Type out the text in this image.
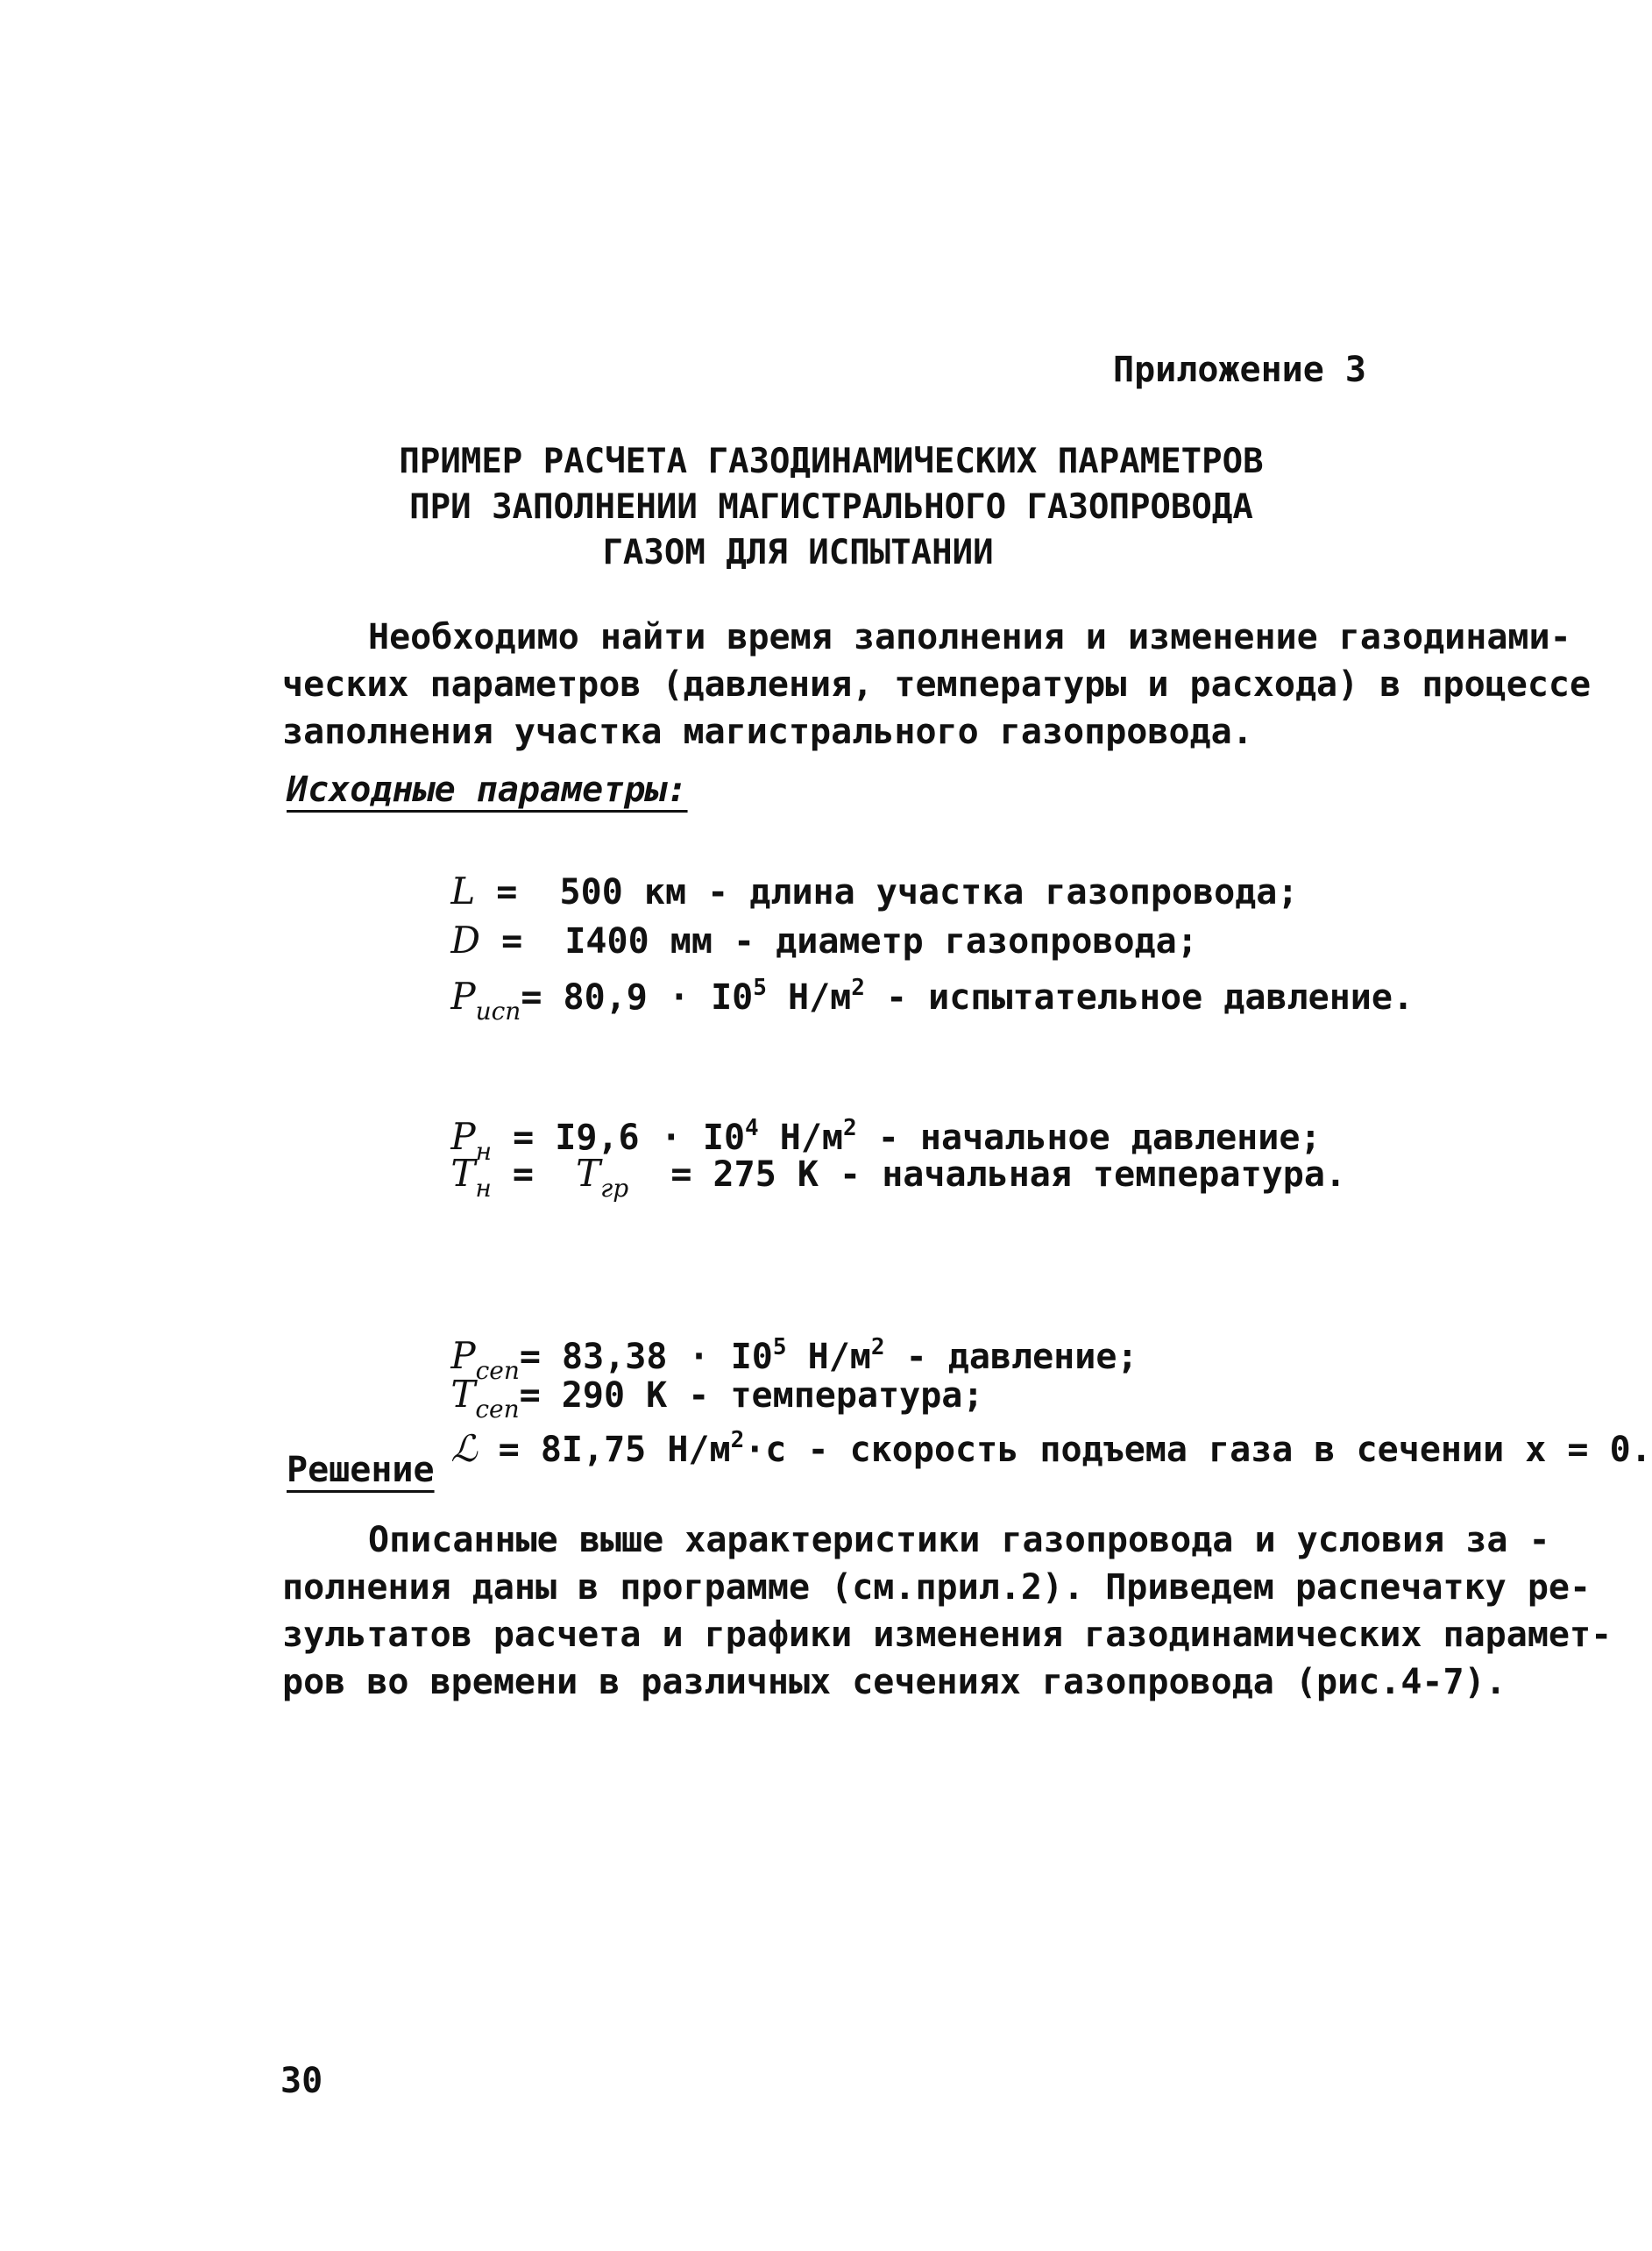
Приложение 3
ПРИМЕР РАСЧЕТА ГАЗОДИНАМИЧЕСКИХ ПАРАМЕТРОВ
ПРИ ЗАПОЛНЕНИИ МАГИСТРАЛЬНОГО ГАЗОПРОВОДА
ГАЗОМ ДЛЯ ИСПЫТАНИИ
Необходимо найти время заполнения и изменение газодинами-
ческих параметров (давления, температуры и расхода) в процессе
заполнения участка магистрального газопровода.
Исходные параметры:

L =  500 км - длина участка газопровода;

D =  I400 мм - диаметр газопровода;

$P_{исп}= 80,9 \cdot I0^5$ $Н/м^2$ - испытательное давление.

$P_н = I9,6 \cdot I0^4$ $Н/м^2$ - начальное давление;

$T_н = T_{гр} = 275$ К - начальная температура.

$P_{сеп}= 83,38 \cdot I0^5$ $Н/м^2$ - давление;

$T_{сеп}= 290$ К - температура;

ℒ = 8I,75 $Н/м^2\cdot с$ - скорость подъема газа в сечении х = 0.

Решение
Описанные выше характеристики газопровода и условия за -
полнения даны в программе (см.прил.2). Приведем распечатку ре-
зультатов расчета и графики изменения газодинамических парамет-
ров во времени в различных сечениях газопровода (рис.4-7).
30
